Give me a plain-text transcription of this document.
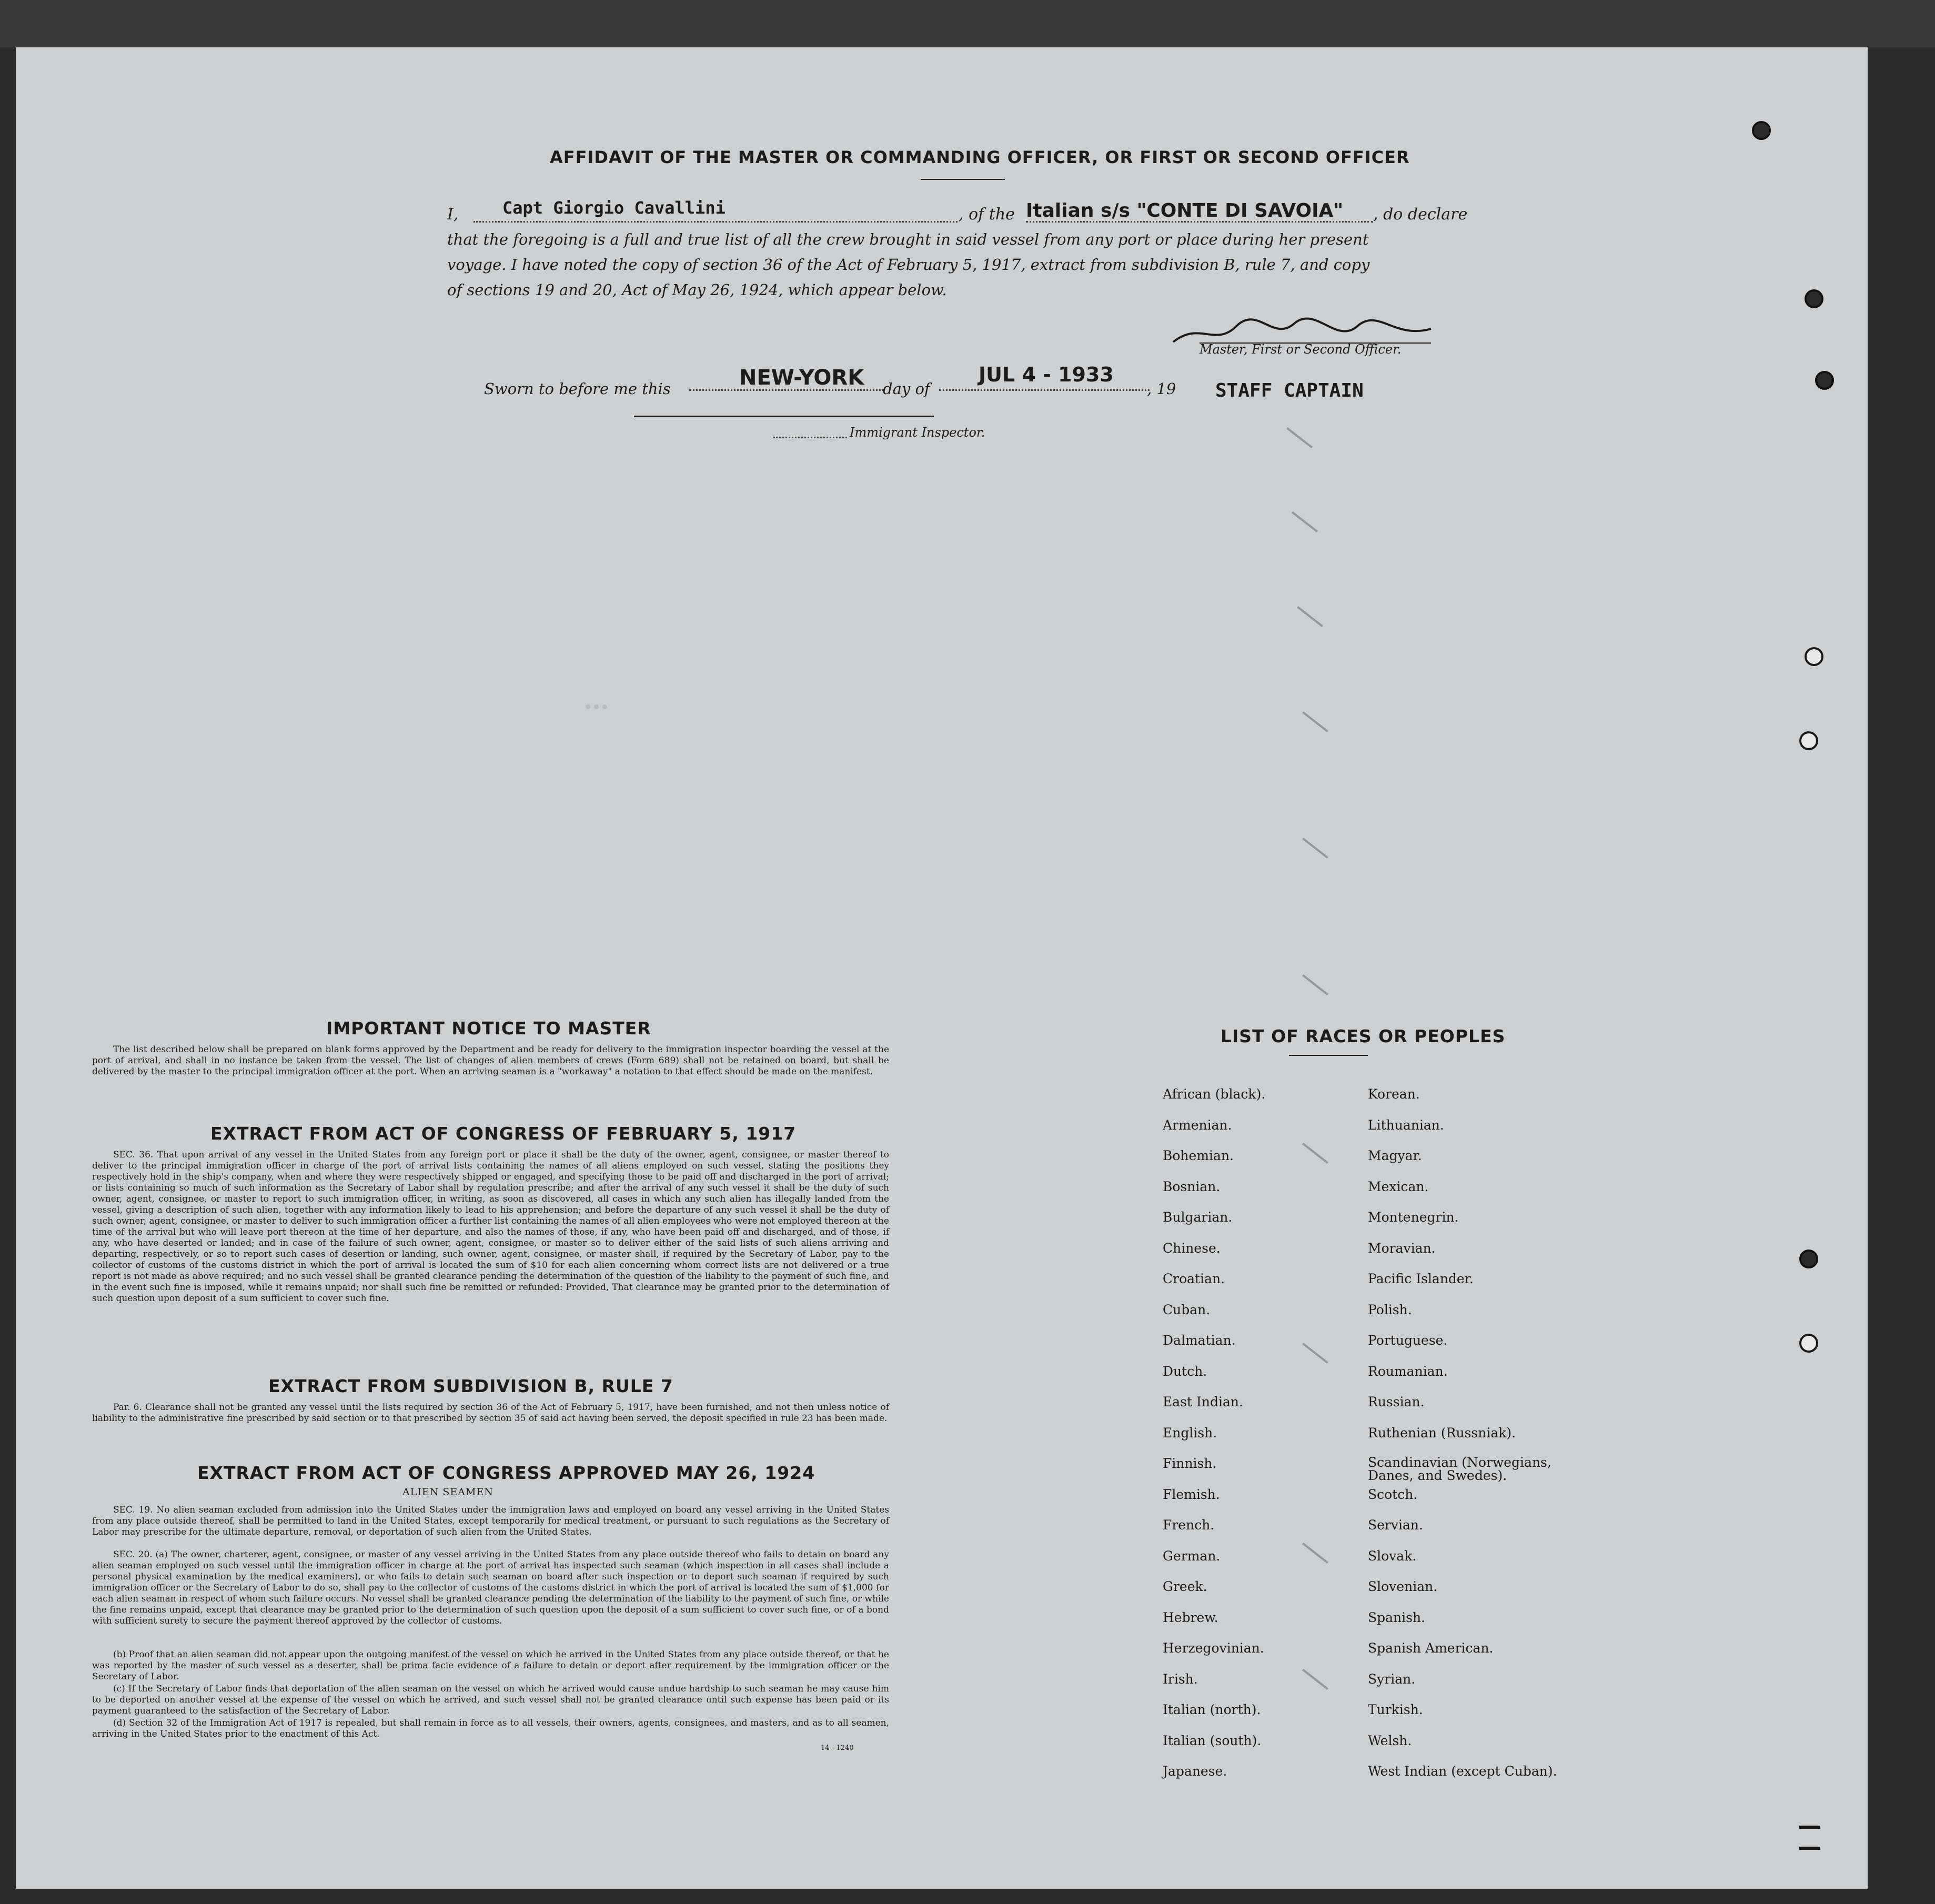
•••
AFFIDAVIT OF THE MASTER OR COMMANDING OFFICER, OR FIRST OR SECOND OFFICER
I,	Capt Giorgio Cavallini	, of the Italian s/s "CONTE DI SAVOIA" , do declare
that the foregoing is a full and true list of all the crew brought in said vessel from any port or place during her present
voyage. I have noted the copy of section 36 of the Act of February 5, 1917, extract from subdivision B, rule 7, and copy
of sections 19 and 20, Act of May 26, 1924, which appear below.
Master, First or Second Officer.
Sworn to before me this	NEW-YORK day of
JUL 4 - 1933
, 19 STAFF CAPTAIN
Immigrant Inspector.
IMPORTANT NOTICE TO MASTER
The list described below shall be prepared on blank forms approved by the Department and be ready for delivery to the immigration inspector boarding the vessel at the port of arrival, and shall in no instance be taken from the vessel. The list of changes of alien members of crews (Form 689) shall not be retained on board, but shall be delivered by the master to the principal immigration officer at the port. When an arriving seaman is a "workaway" a notation to that effect should be made on the manifest.
EXTRACT FROM ACT OF CONGRESS OF FEBRUARY 5, 1917
SEC. 36. That upon arrival of any vessel in the United States from any foreign port or place it shall be the duty of the owner, agent, consignee, or master thereof to deliver to the principal immigration officer in charge of the port of arrival lists containing the names of all aliens employed on such vessel, stating the positions they respectively hold in the ship's company, when and where they were respectively shipped or engaged, and specifying those to be paid off and discharged in the port of arrival; or lists containing so much of such information as the Secretary of Labor shall by regulation prescribe; and after the arrival of any such vessel it shall be the duty of such owner, agent, consignee, or master to report to such immigration officer, in writing, as soon as discovered, all cases in which any such alien has illegally landed from the vessel, giving a description of such alien, together with any information likely to lead to his apprehension; and before the departure of any such vessel it shall be the duty of such owner, agent, consignee, or master to deliver to such immigration officer a further list containing the names of all alien employees who were not employed thereon at the time of the arrival but who will leave port thereon at the time of her departure, and also the names of those, if any, who have been paid off and discharged, and of those, if any, who have deserted or landed; and in case of the failure of such owner, agent, consignee, or master so to deliver either of the said lists of such aliens arriving and departing, respectively, or so to report such cases of desertion or landing, such owner, agent, consignee, or master shall, if required by the Secretary of Labor, pay to the collector of customs of the customs district in which the port of arrival is located the sum of $10 for each alien concerning whom correct lists are not delivered or a true report is not made as above required; and no such vessel shall be granted clearance pending the determination of the question of the liability to the payment of such fine, and in the event such fine is imposed, while it remains unpaid; nor shall such fine be remitted or refunded: Provided, That clearance may be granted prior to the determination of such question upon deposit of a sum sufficient to cover such fine.
EXTRACT FROM SUBDIVISION B, RULE 7
Par. 6. Clearance shall not be granted any vessel until the lists required by section 36 of the Act of February 5, 1917, have been furnished, and not then unless notice of liability to the administrative fine prescribed by said section or to that prescribed by section 35 of said act having been served, the deposit specified in rule 23 has been made.
EXTRACT FROM ACT OF CONGRESS APPROVED MAY 26, 1924
ALIEN SEAMEN
SEC. 19. No alien seaman excluded from admission into the United States under the immigration laws and employed on board any vessel arriving in the United States from any place outside thereof, shall be permitted to land in the United States, except temporarily for medical treatment, or pursuant to such regulations as the Secretary of Labor may prescribe for the ultimate departure, removal, or deportation of such alien from the United States.
SEC. 20. (a) The owner, charterer, agent, consignee, or master of any vessel arriving in the United States from any place outside thereof who fails to detain on board any alien seaman employed on such vessel until the immigration officer in charge at the port of arrival has inspected such seaman (which inspection in all cases shall include a personal physical examination by the medical examiners), or who fails to detain such seaman on board after such inspection or to deport such seaman if required by such immigration officer or the Secretary of Labor to do so, shall pay to the collector of customs of the customs district in which the port of arrival is located the sum of $1,000 for each alien seaman in respect of whom such failure occurs. No vessel shall be granted clearance pending the determination of the liability to the payment of such fine, or while the fine remains unpaid, except that clearance may be granted prior to the determination of such question upon the deposit of a sum sufficient to cover such fine, or of a bond with sufficient surety to secure the payment thereof approved by the collector of customs.
(b) Proof that an alien seaman did not appear upon the outgoing manifest of the vessel on which he arrived in the United States from any place outside thereof, or that he was reported by the master of such vessel as a deserter, shall be prima facie evidence of a failure to detain or deport after requirement by the immigration officer or the Secretary of Labor.
(c) If the Secretary of Labor finds that deportation of the alien seaman on the vessel on which he arrived would cause undue hardship to such seaman he may cause him to be deported on another vessel at the expense of the vessel on which he arrived, and such vessel shall not be granted clearance until such expense has been paid or its payment guaranteed to the satisfaction of the Secretary of Labor.
(d) Section 32 of the Immigration Act of 1917 is repealed, but shall remain in force as to all vessels, their owners, agents, consignees, and masters, and as to all seamen, arriving in the United States prior to the enactment of this Act.
14—1240
LIST OF RACES OR PEOPLES
African (black).
Armenian.
Bohemian.
Bosnian.
Bulgarian.
Chinese.
Croatian.
Cuban.
Dalmatian.
Dutch.
East Indian.
English.
Finnish.
Flemish.
French.
German.
Greek.
Hebrew.
Herzegovinian.
Irish.
Italian (north).
Italian (south).
Japanese.
Korean.
Lithuanian.
Magyar.
Mexican.
Montenegrin.
Moravian.
Pacific Islander.
Polish.
Portuguese.
Roumanian.
Russian.
Ruthenian (Russniak).
Scandinavian (Norwegians, Danes, and Swedes).
Scotch.
Servian.
Slovak.
Slovenian.
Spanish.
Spanish American.
Syrian.
Turkish.
Welsh.
West Indian (except Cuban).
